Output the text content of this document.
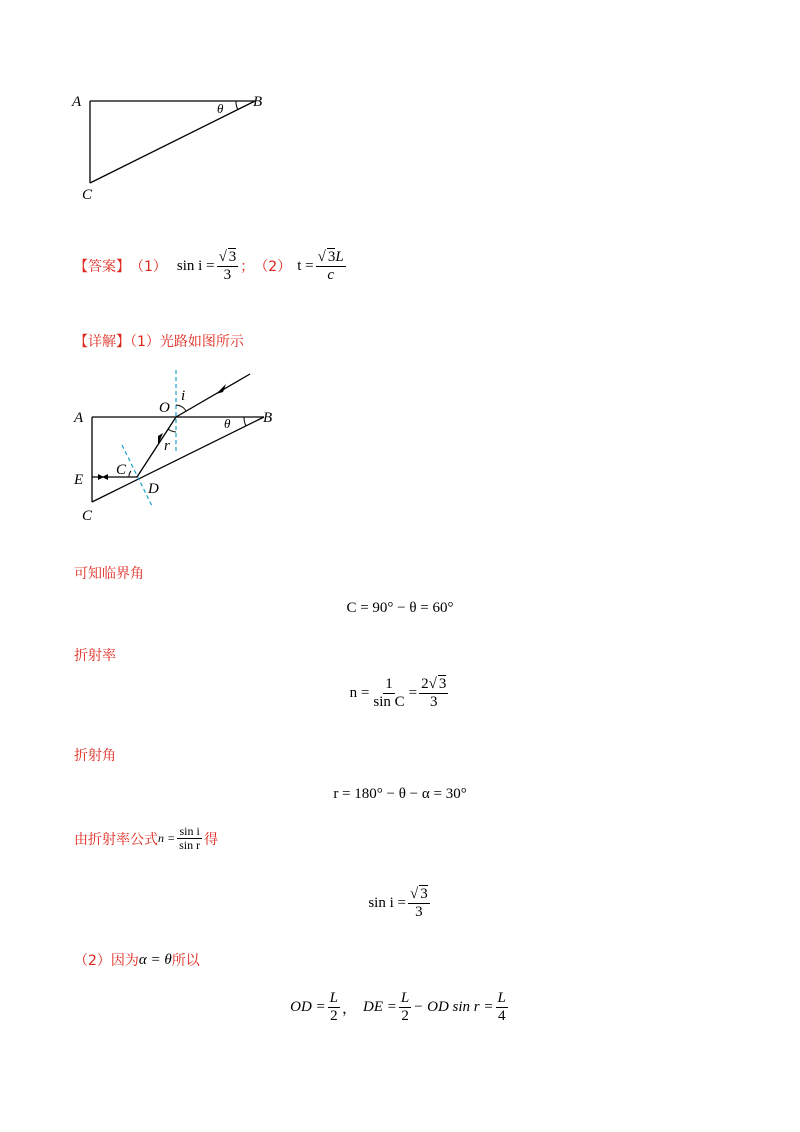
A	B
C
θ
【答案】 （1） $\sin i = \frac{√ 3}{3}$ ； （2） $t = \frac{√ 3L}{c}$
【详解】（1）光路如图所示
A	B
C
E
O
i
r
θ
C
D
可知临界角
C = 90° − θ = 60°
折射率
$n = \frac{1}{\text{sin C}} = \frac{2√ 3}{3}$
折射角
r = 180° − θ − α = 30°
由折射率公式 $n = \frac{\text{sin i}}{\text{sin r}}$ 得
$\sin i = \frac{√ 3}{3}$
（2）因为 α = θ 所以
OD = $\frac{L}{2}$ ， DE = $\frac{L}{2}$ − OD $\sin r = \frac{L}{4}$
